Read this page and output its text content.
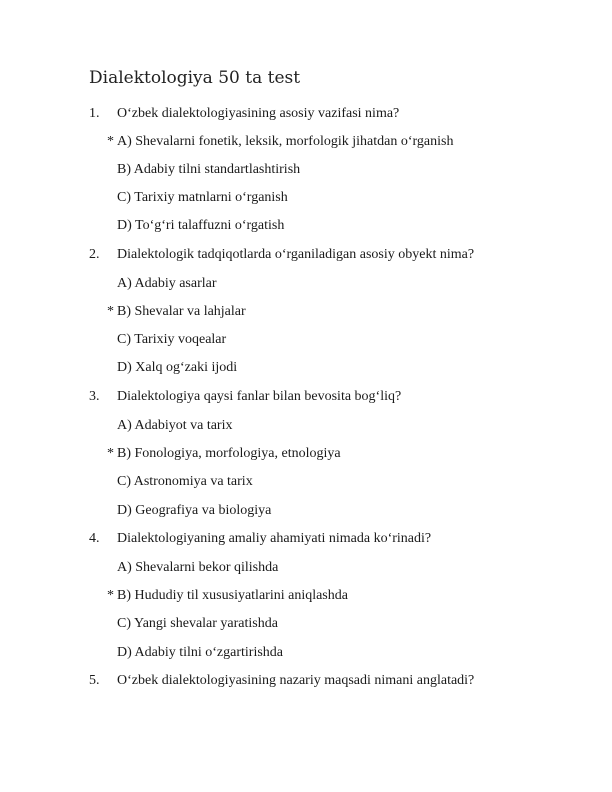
Dialektologiya 50 ta test
1. O‘zbek dialektologiyasining asosiy vazifasi nima?
* A) Shevalarni fonetik, leksik, morfologik jihatdan o‘rganish
B) Adabiy tilni standartlashtirish
C) Tarixiy matnlarni o‘rganish
D) To‘g‘ri talaffuzni o‘rgatish
2. Dialektologik tadqiqotlarda o‘rganiladigan asosiy obyekt nima?
A) Adabiy asarlar
* B) Shevalar va lahjalar
C) Tarixiy voqealar
D) Xalq og‘zaki ijodi
3. Dialektologiya qaysi fanlar bilan bevosita bog‘liq?
A) Adabiyot va tarix
* B) Fonologiya, morfologiya, etnologiya
C) Astronomiya va tarix
D) Geografiya va biologiya
4. Dialektologiyaning amaliy ahamiyati nimada ko‘rinadi?
A) Shevalarni bekor qilishda
* B) Hududiy til xususiyatlarini aniqlashda
C) Yangi shevalar yaratishda
D) Adabiy tilni o‘zgartirishda
5. O‘zbek dialektologiyasining nazariy maqsadi nimani anglatadi?
